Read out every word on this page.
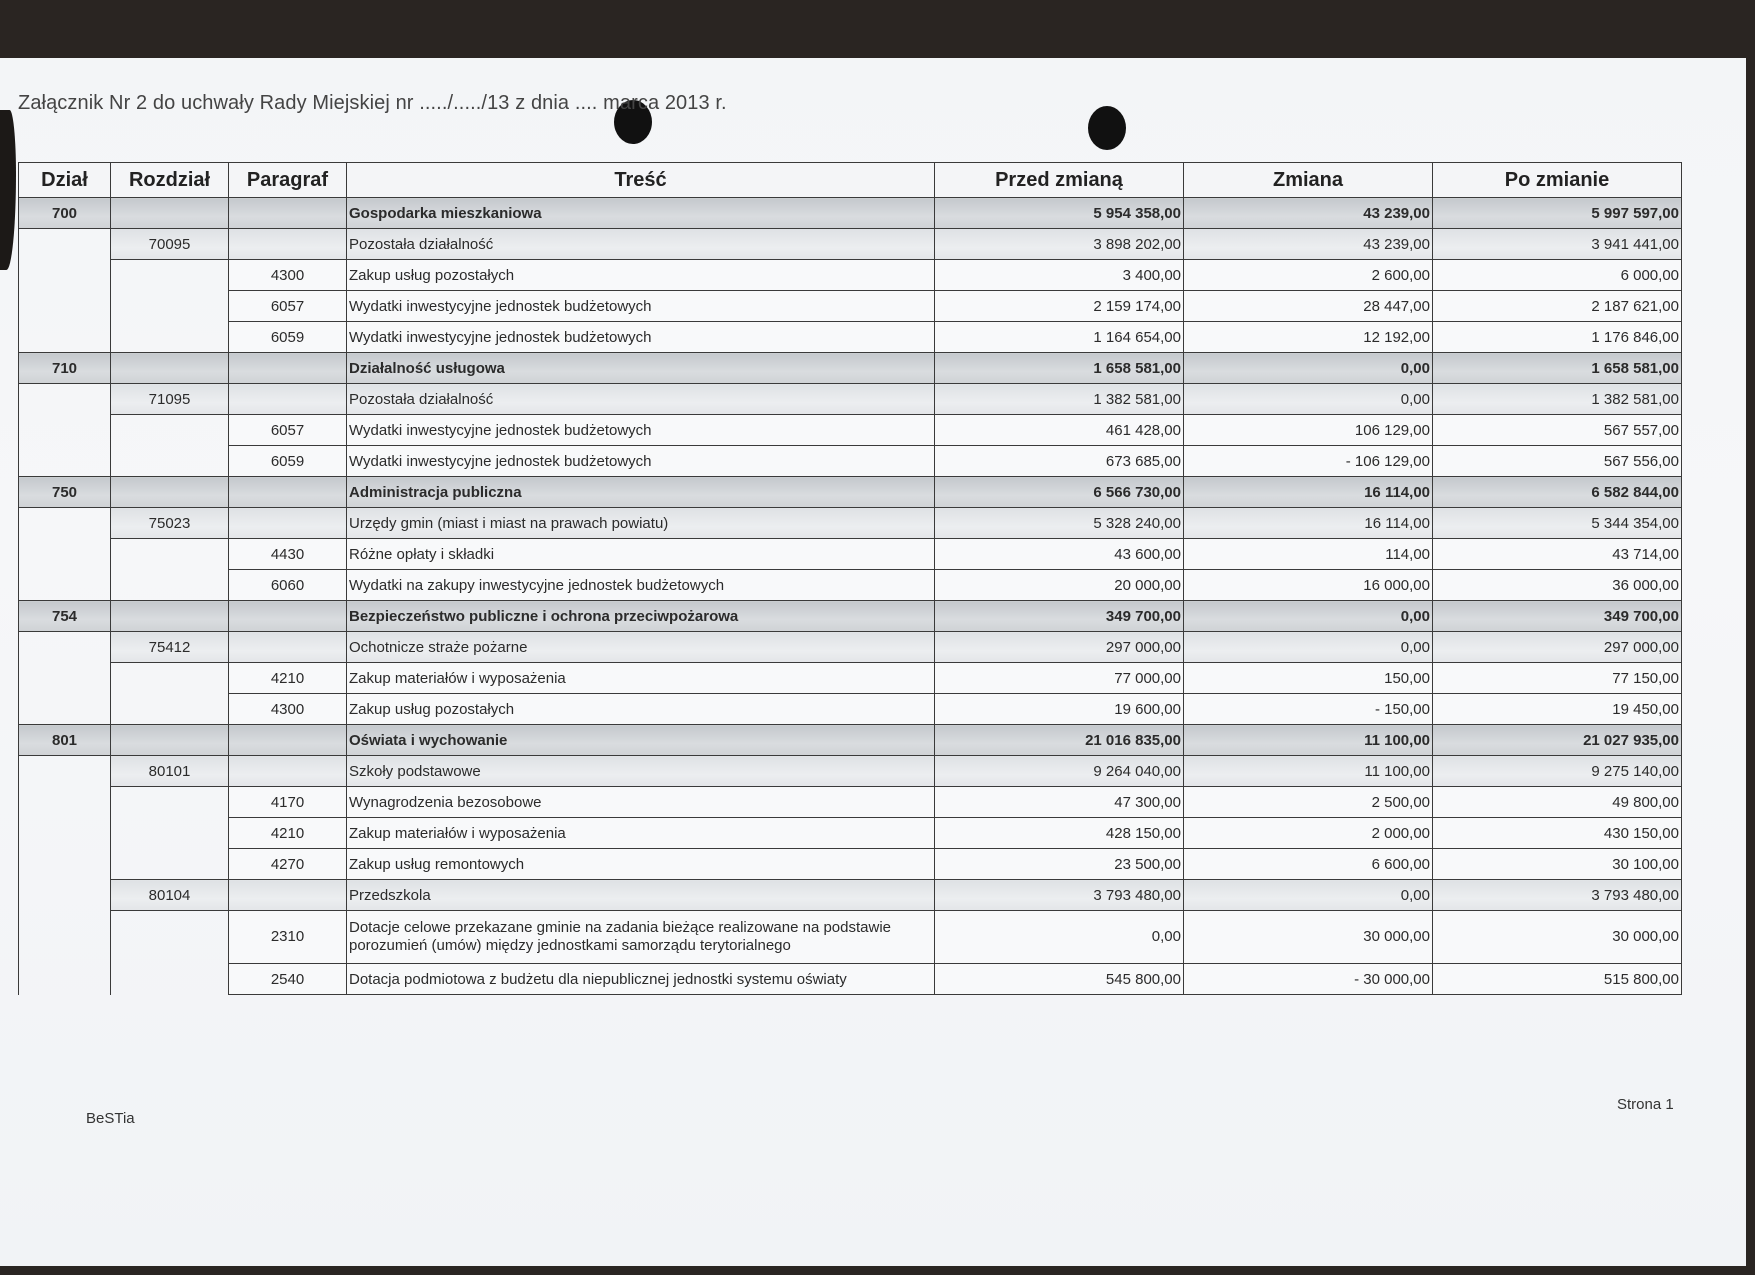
Załącznik Nr 2 do uchwały Rady Miejskiej nr ...../...../13 z dnia .... marca 2013 r.
Dział	Rozdział	Paragraf	Treść	Przed zmianą	Zmiana	Po zmianie
700			Gospodarka mieszkaniowa	5 954 358,00	43 239,00	5 997 597,00
	70095		Pozostała działalność	3 898 202,00	43 239,00	3 941 441,00
		4300	Zakup usług pozostałych	3 400,00	2 600,00	6 000,00
		6057	Wydatki inwestycyjne jednostek budżetowych	2 159 174,00	28 447,00	2 187 621,00
		6059	Wydatki inwestycyjne jednostek budżetowych	1 164 654,00	12 192,00	1 176 846,00
710			Działalność usługowa	1 658 581,00	0,00	1 658 581,00
	71095		Pozostała działalność	1 382 581,00	0,00	1 382 581,00
		6057	Wydatki inwestycyjne jednostek budżetowych	461 428,00	106 129,00	567 557,00
		6059	Wydatki inwestycyjne jednostek budżetowych	673 685,00	- 106 129,00	567 556,00
750			Administracja publiczna	6 566 730,00	16 114,00	6 582 844,00
	75023		Urzędy gmin (miast i miast na prawach powiatu)	5 328 240,00	16 114,00	5 344 354,00
		4430	Różne opłaty i składki	43 600,00	114,00	43 714,00
		6060	Wydatki na zakupy inwestycyjne jednostek budżetowych	20 000,00	16 000,00	36 000,00
754			Bezpieczeństwo publiczne i ochrona przeciwpożarowa	349 700,00	0,00	349 700,00
	75412		Ochotnicze straże pożarne	297 000,00	0,00	297 000,00
		4210	Zakup materiałów i wyposażenia	77 000,00	150,00	77 150,00
		4300	Zakup usług pozostałych	19 600,00	- 150,00	19 450,00
801			Oświata i wychowanie	21 016 835,00	11 100,00	21 027 935,00
	80101		Szkoły podstawowe	9 264 040,00	11 100,00	9 275 140,00
		4170	Wynagrodzenia bezosobowe	47 300,00	2 500,00	49 800,00
		4210	Zakup materiałów i wyposażenia	428 150,00	2 000,00	430 150,00
		4270	Zakup usług remontowych	23 500,00	6 600,00	30 100,00
	80104		Przedszkola	3 793 480,00	0,00	3 793 480,00
		2310	Dotacje celowe przekazane gminie na zadania bieżące realizowane na podstawie porozumień (umów) między jednostkami samorządu terytorialnego	0,00	30 000,00	30 000,00
		2540	Dotacja podmiotowa z budżetu dla niepublicznej jednostki systemu oświaty	545 800,00	- 30 000,00	515 800,00
BeSTia
Strona 1
